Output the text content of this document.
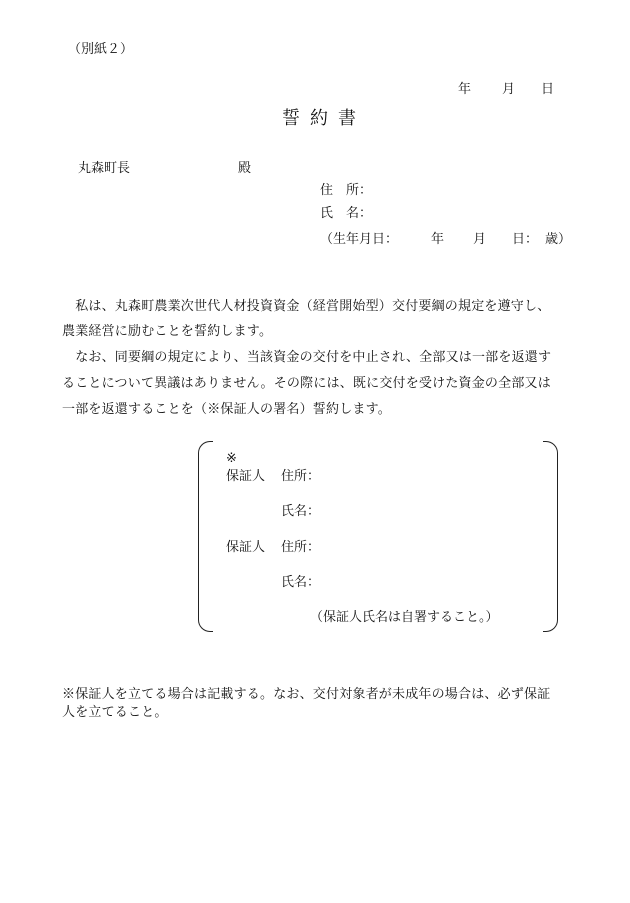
（別紙２）
年 月 日
誓約書
丸森町長	殿
住　所：
氏　名：
（生年月日：	年 月 日： 歳）
　私は、丸森町農業次世代人材投資資金（経営開始型）交付要綱の規定を遵守し、
農業経営に励むことを誓約します。
　なお、同要綱の規定により、当該資金の交付を中止され、全部又は一部を返還す
ることについて異議はありません。その際には、既に交付を受けた資金の全部又は
一部を返還することを（※保証人の署名）誓約します。
※
保証人 住所：
氏名：
保証人 住所：
氏名：
（保証人氏名は自署すること。）
※保証人を立てる場合は記載する。なお、交付対象者が未成年の場合は、必ず保証
人を立てること。
